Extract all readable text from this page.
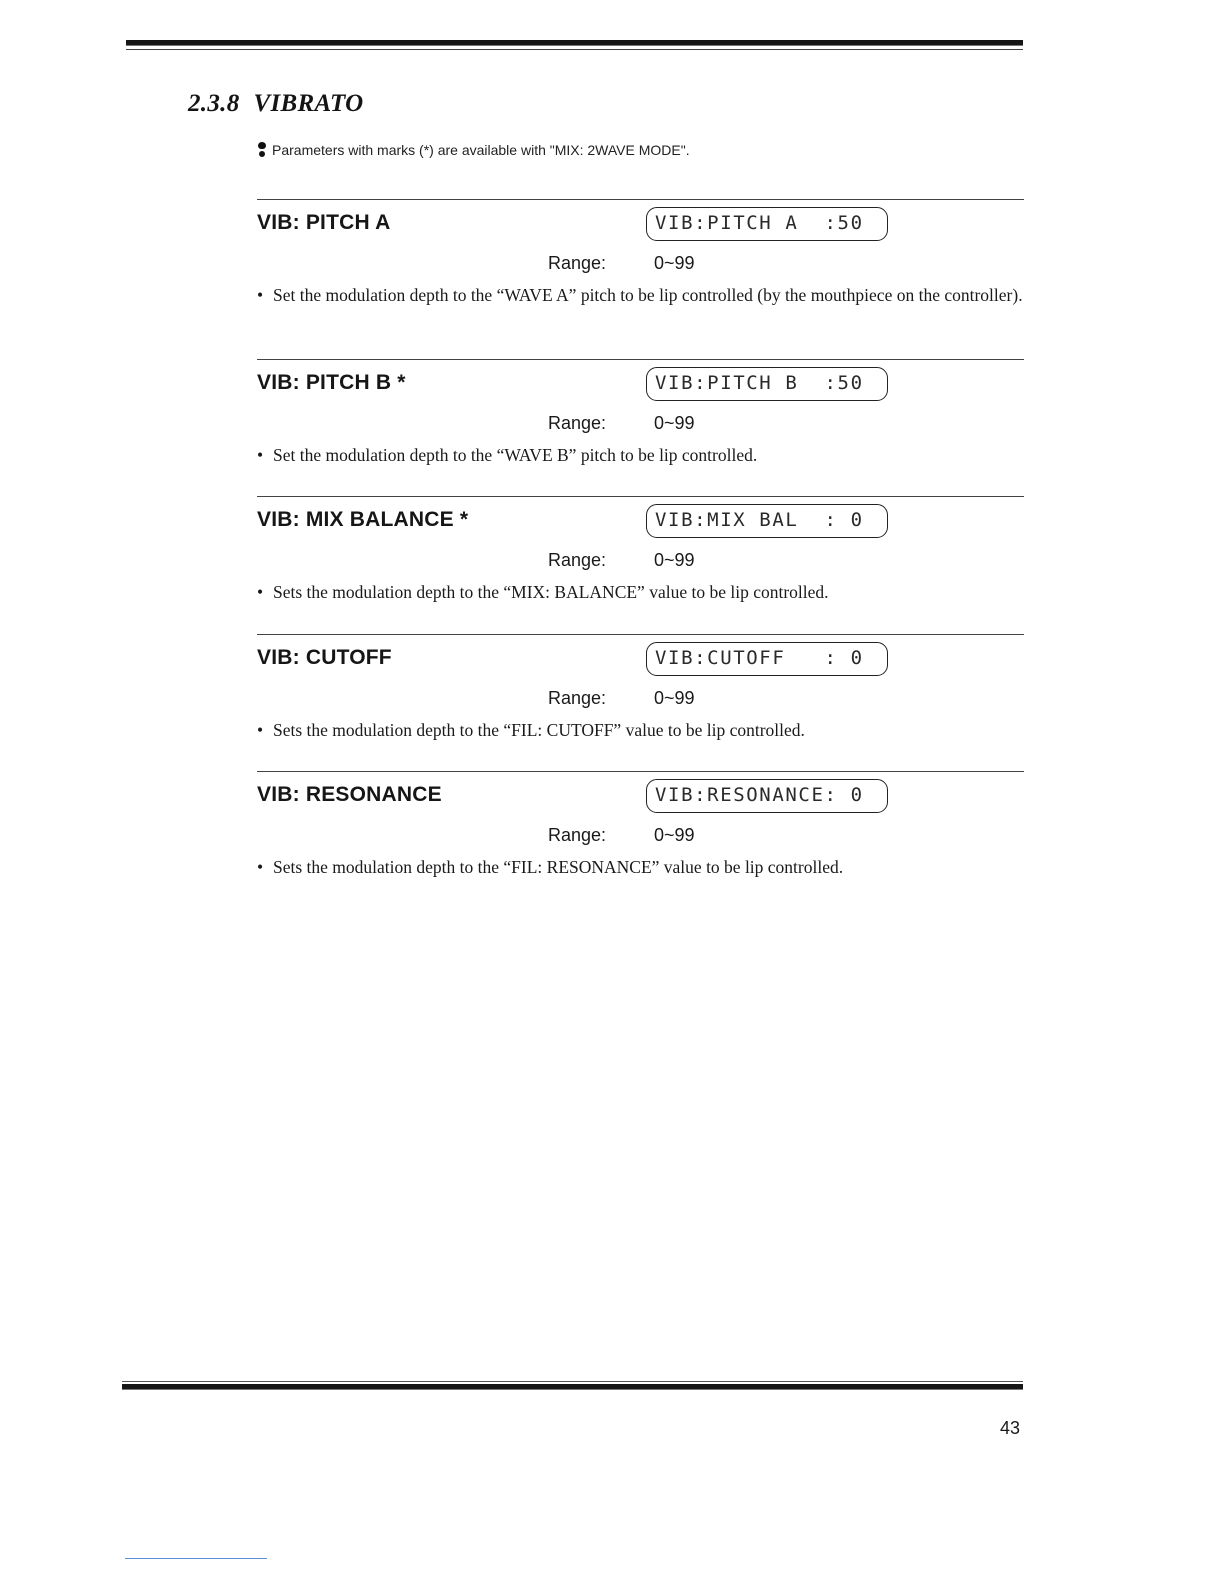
2.3.8 VIBRATO
Parameters with marks (*) are available with "MIX: 2WAVE MODE".
VIB: PITCH A	VIB:PITCH A  :50
Range:	0~99
• Set the modulation depth to the “WAVE A” pitch to be lip controlled (by the mouthpiece on the controller).
VIB: PITCH B *	VIB:PITCH B  :50
Range:	0~99
• Set the modulation depth to the “WAVE B” pitch to be lip controlled.
VIB: MIX BALANCE *	VIB:MIX BAL  : 0
Range:	0~99
• Sets the modulation depth to the “MIX: BALANCE” value to be lip controlled.
VIB: CUTOFF	VIB:CUTOFF   : 0
Range:	0~99
• Sets the modulation depth to the “FIL: CUTOFF” value to be lip controlled.
VIB: RESONANCE	VIB:RESONANCE: 0
Range:	0~99
• Sets the modulation depth to the “FIL: RESONANCE” value to be lip controlled.
43
